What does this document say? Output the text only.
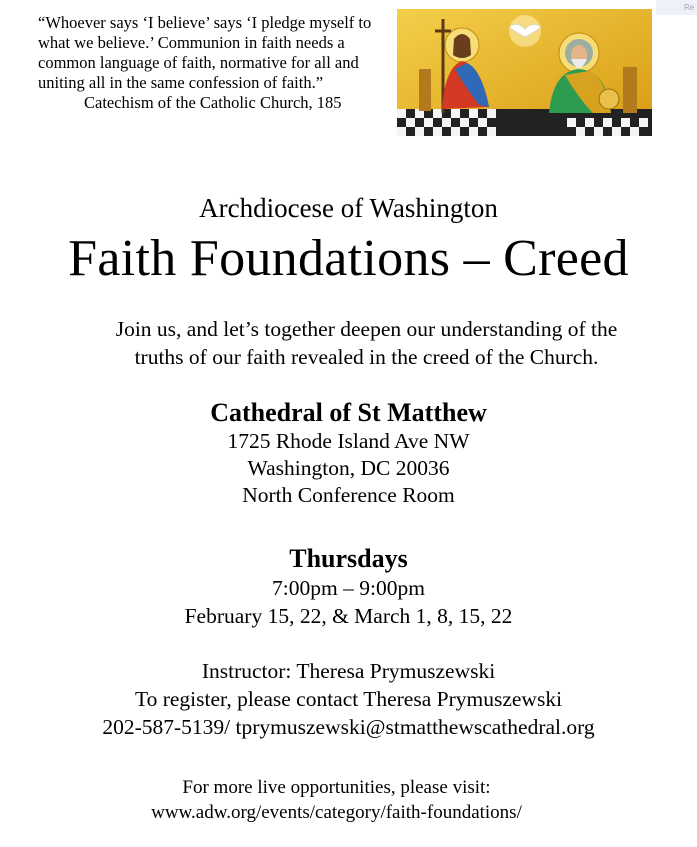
Re
“Whoever says ‘I believe’ says ‘I pledge myself to what we believe.’ Communion in faith needs a common language of faith, normative for all and uniting all in the same confession of faith.”
Catechism of the Catholic Church, 185
Archdiocese of Washington
Faith Foundations – Creed
Join us, and let’s together deepen our understanding of the
truths of our faith revealed in the creed of the Church.
Cathedral of St Matthew
1725 Rhode Island Ave NW
Washington, DC 20036
North Conference Room
Thursdays
7:00pm – 9:00pm
February 15, 22, & March 1, 8, 15, 22
Instructor: Theresa Prymuszewski
To register, please contact Theresa Prymuszewski
202-587-5139/ tprymuszewski@stmatthewscathedral.org
For more live opportunities, please visit:
www.adw.org/events/category/faith-foundations/
